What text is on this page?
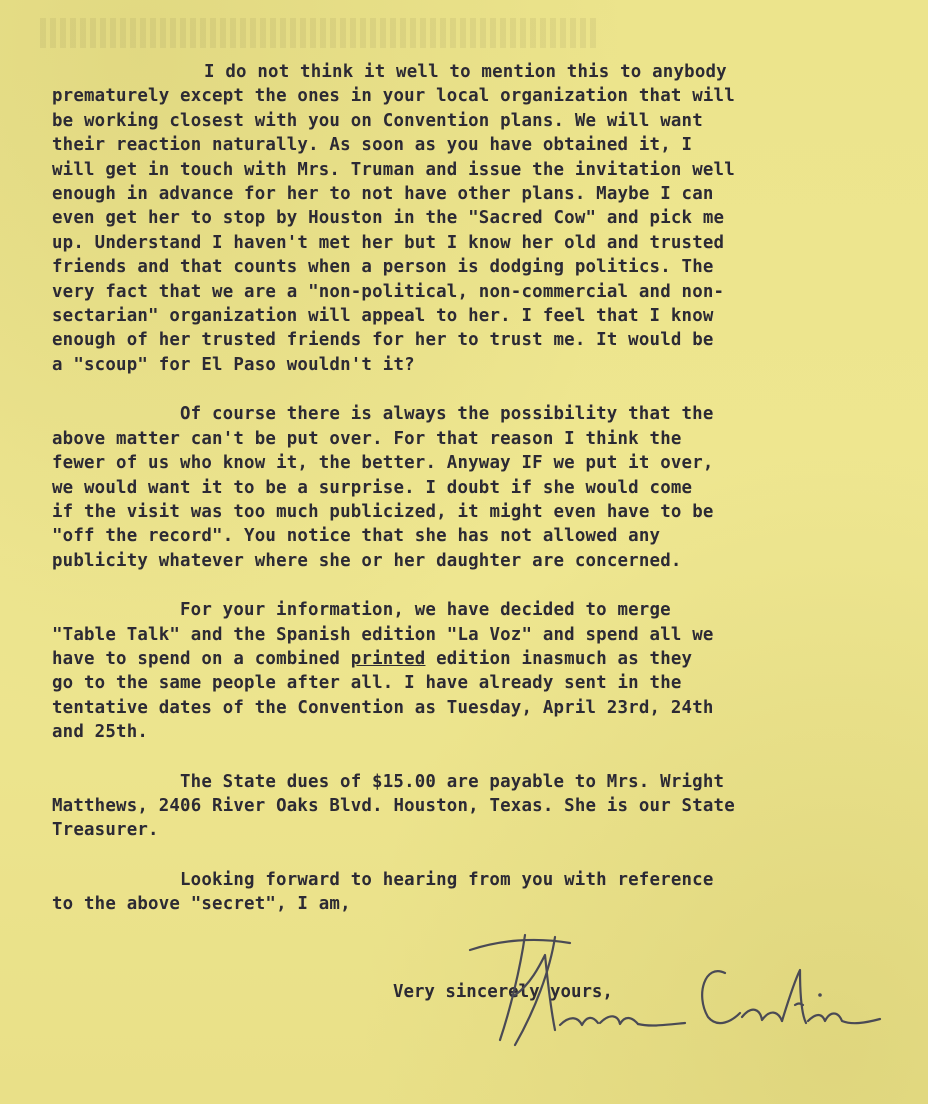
I do not think it well to mention this to anybody
prematurely except the ones in your local organization that will
be working closest with you on Convention plans. We will want
their reaction naturally. As soon as you have obtained it, I
will get in touch with Mrs. Truman and issue the invitation well
enough in advance for her to not have other plans. Maybe I can
even get her to stop by Houston in the "Sacred Cow" and pick me
up. Understand I haven't met her but I know her old and trusted
friends and that counts when a person is dodging politics. The
very fact that we are a "non-political, non-commercial and non-
sectarian" organization will appeal to her. I feel that I know
enough of her trusted friends for her to trust me. It would be
a "scoup" for El Paso wouldn't it?

Of course there is always the possibility that the
above matter can't be put over. For that reason I think the
fewer of us who know it, the better. Anyway IF we put it over,
we would want it to be a surprise. I doubt if she would come
if the visit was too much publicized, it might even have to be
"off the record". You notice that she has not allowed any
publicity whatever where she or her daughter are concerned.

For your information, we have decided to merge
"Table Talk" and the Spanish edition "La Voz" and spend all we
have to spend on a combined printed edition inasmuch as they
go to the same people after all. I have already sent in the
tentative dates of the Convention as Tuesday, April 23rd, 24th
and 25th.

The State dues of $15.00 are payable to Mrs. Wright
Matthews, 2406 River Oaks Blvd. Houston, Texas. She is our State
Treasurer.

Looking forward to hearing from you with reference
to the above "secret", I am,

Very sincerely yours,
